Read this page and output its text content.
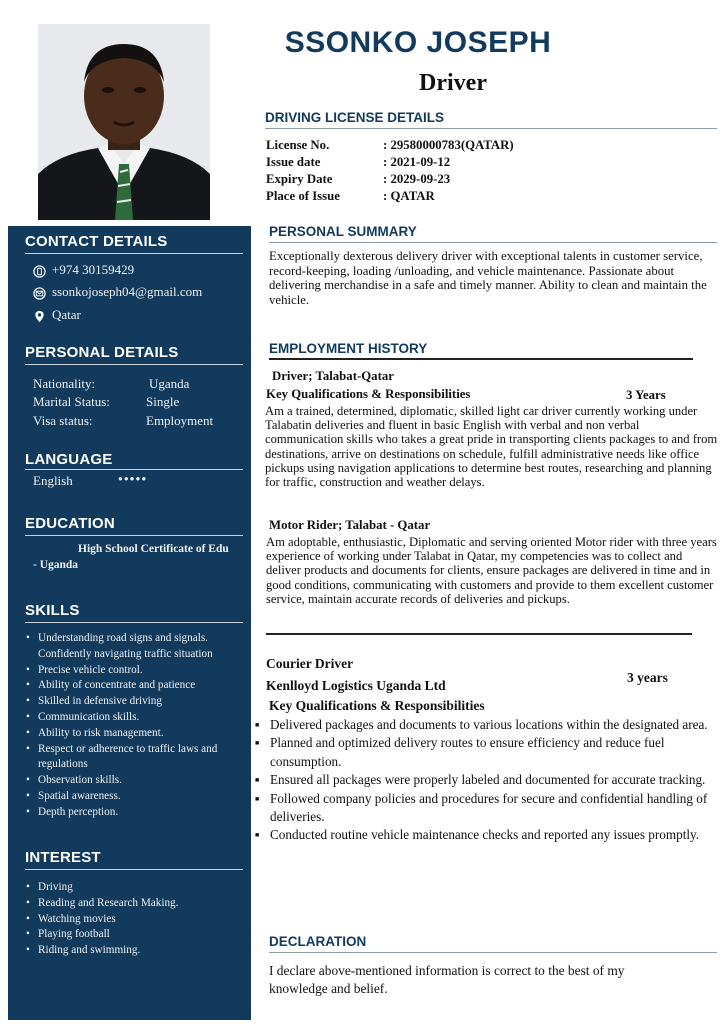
CONTACT DETAILS
+974 30159429
ssonkojoseph04@gmail.com
Qatar
PERSONAL DETAILS
Nationality:	Uganda
Marital Status:	Single
Visa status:	Employment
LANGUAGE
English	●●●●●
EDUCATION
High School Certificate of Edu
- Uganda
SKILLS
• Understanding road signs and signals. Confidently navigating traffic situation
• Precise vehicle control.
• Ability of concentrate and patience
• Skilled in defensive driving
• Communication skills.
• Ability to risk management.
• Respect or adherence to traffic laws and regulations
• Observation skills.
• Spatial awareness.
• Depth perception.
INTEREST
• Driving
• Reading and Research Making.
• Watching movies
• Playing football
• Riding and swimming.
SSONKO JOSEPH
Driver
DRIVING LICENSE DETAILS
License No.	: 29580000783(QATAR)
Issue date	: 2021-09-12
Expiry Date	: 2029-09-23
Place of Issue	: QATAR
PERSONAL SUMMARY
Exceptionally dexterous delivery driver with exceptional talents in customer service, record-keeping, loading /unloading, and vehicle maintenance. Passionate about delivering merchandise in a safe and timely manner. Ability to clean and maintain the vehicle.
EMPLOYMENT HISTORY
Driver; Talabat-Qatar
Key Qualifications & Responsibilities	3 Years
Am a trained, determined, diplomatic, skilled light car driver currently working under Talabatin deliveries and fluent in basic English with verbal and non verbal communication skills who takes a great pride in transporting clients packages to and from destinations, arrive on destinations on schedule, fulfill administrative needs like office pickups using navigation applications to determine best routes, researching and planning for traffic, construction and weather delays.
Motor Rider; Talabat - Qatar
Am adoptable, enthusiastic, Diplomatic and serving oriented Motor rider with three years experience of working under Talabat in Qatar, my competencies was to collect and deliver products and documents for clients, ensure packages are delivered in time and in good conditions, communicating with customers and provide to them excellent customer service, maintain accurate records of deliveries and pickups.
Courier Driver
Kenlloyd Logistics Uganda Ltd
3 years
Key Qualifications & Responsibilities
■ Delivered packages and documents to various locations within the designated area.
■ Planned and optimized delivery routes to ensure efficiency and reduce fuel consumption.
■ Ensured all packages were properly labeled and documented for accurate tracking.
■ Followed company policies and procedures for secure and confidential handling of deliveries.
■ Conducted routine vehicle maintenance checks and reported any issues promptly.
DECLARATION
I declare above-mentioned information is correct to the best of my knowledge and belief.
